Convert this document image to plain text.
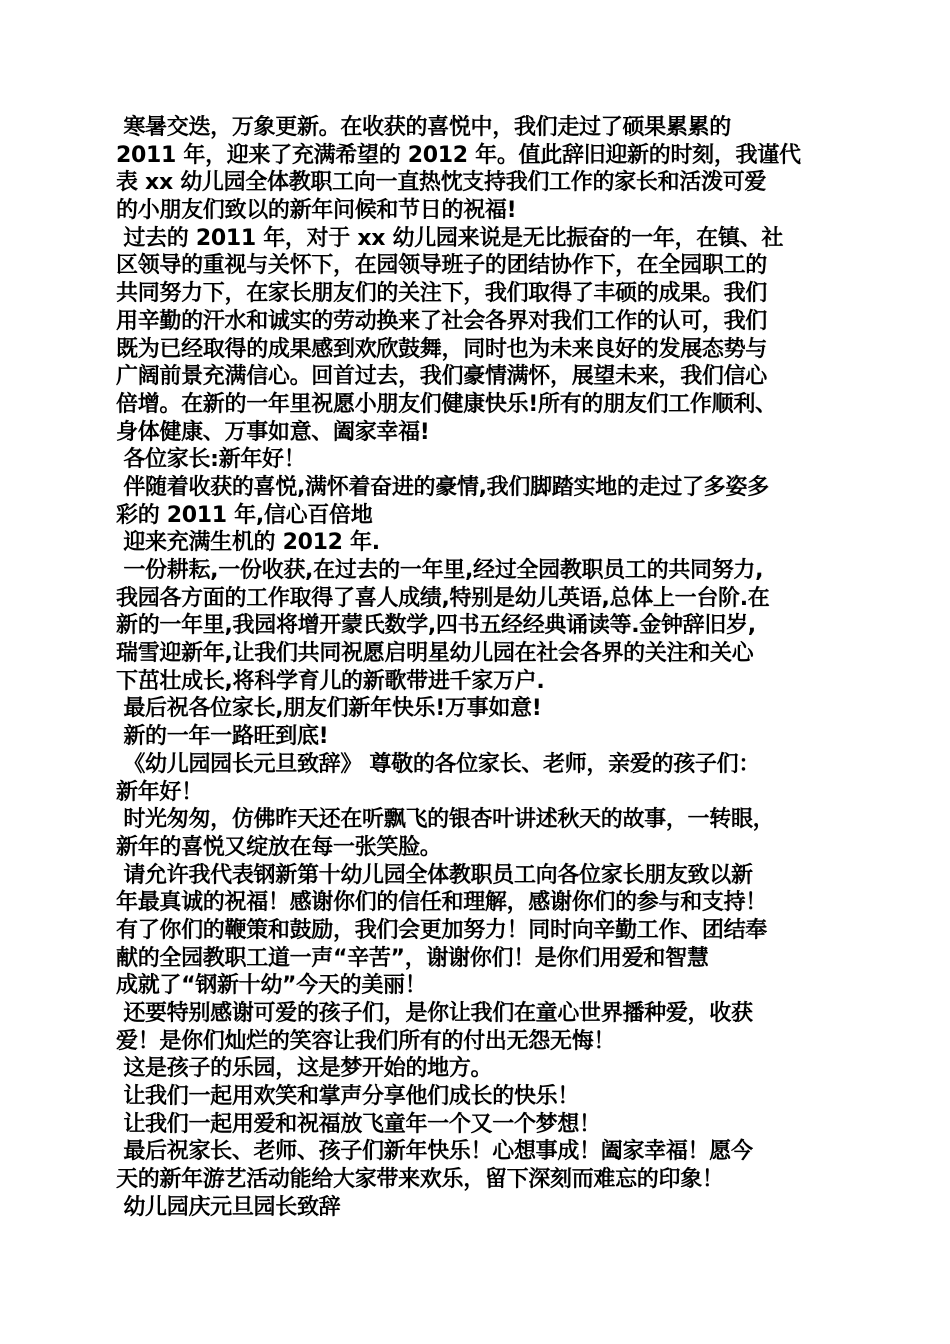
寒暑交迭，万象更新。在收获的喜悦中，我们走过了硕果累累的
2011 年，迎来了充满希望的 2012 年。值此辞旧迎新的时刻，我谨代
表 xx 幼儿园全体教职工向一直热忱支持我们工作的家长和活泼可爱
的小朋友们致以的新年问候和节日的祝福!
过去的 2011 年，对于 xx 幼儿园来说是无比振奋的一年，在镇、社
区领导的重视与关怀下，在园领导班子的团结协作下，在全园职工的
共同努力下，在家长朋友们的关注下，我们取得了丰硕的成果。我们
用辛勤的汗水和诚实的劳动换来了社会各界对我们工作的认可，我们
既为已经取得的成果感到欢欣鼓舞，同时也为未来良好的发展态势与
广阔前景充满信心。回首过去，我们豪情满怀，展望未来，我们信心
倍增。在新的一年里祝愿小朋友们健康快乐!所有的朋友们工作顺利、
身体健康、万事如意、阖家幸福!
各位家长:新年好！
伴随着收获的喜悦,满怀着奋进的豪情,我们脚踏实地的走过了多姿多
彩的 2011 年,信心百倍地
迎来充满生机的 2012 年.
一份耕耘,一份收获,在过去的一年里,经过全园教职员工的共同努力,
我园各方面的工作取得了喜人成绩,特别是幼儿英语,总体上一台阶.在
新的一年里,我园将增开蒙氏数学,四书五经经典诵读等.金钟辞旧岁,
瑞雪迎新年,让我们共同祝愿启明星幼儿园在社会各界的关注和关心
下茁壮成长,将科学育儿的新歌带进千家万户.
最后祝各位家长,朋友们新年快乐!万事如意!
新的一年一路旺到底!
《幼儿园园长元旦致辞》 尊敬的各位家长、老师，亲爱的孩子们：
新年好！
时光匆匆，仿佛昨天还在听飘飞的银杏叶讲述秋天的故事，一转眼，
新年的喜悦又绽放在每一张笑脸。
请允许我代表钢新第十幼儿园全体教职员工向各位家长朋友致以新
年最真诚的祝福！感谢你们的信任和理解，感谢你们的参与和支持！
有了你们的鞭策和鼓励，我们会更加努力！同时向辛勤工作、团结奉
献的全园教职工道一声“辛苦”，谢谢你们！是你们用爱和智慧
成就了“钢新十幼”今天的美丽！
还要特别感谢可爱的孩子们，是你让我们在童心世界播种爱，收获
爱！是你们灿烂的笑容让我们所有的付出无怨无悔！
这是孩子的乐园，这是梦开始的地方。
让我们一起用欢笑和掌声分享他们成长的快乐！
让我们一起用爱和祝福放飞童年一个又一个梦想！
最后祝家长、老师、孩子们新年快乐！心想事成！阖家幸福！愿今
天的新年游艺活动能给大家带来欢乐，留下深刻而难忘的印象！
幼儿园庆元旦园长致辞
